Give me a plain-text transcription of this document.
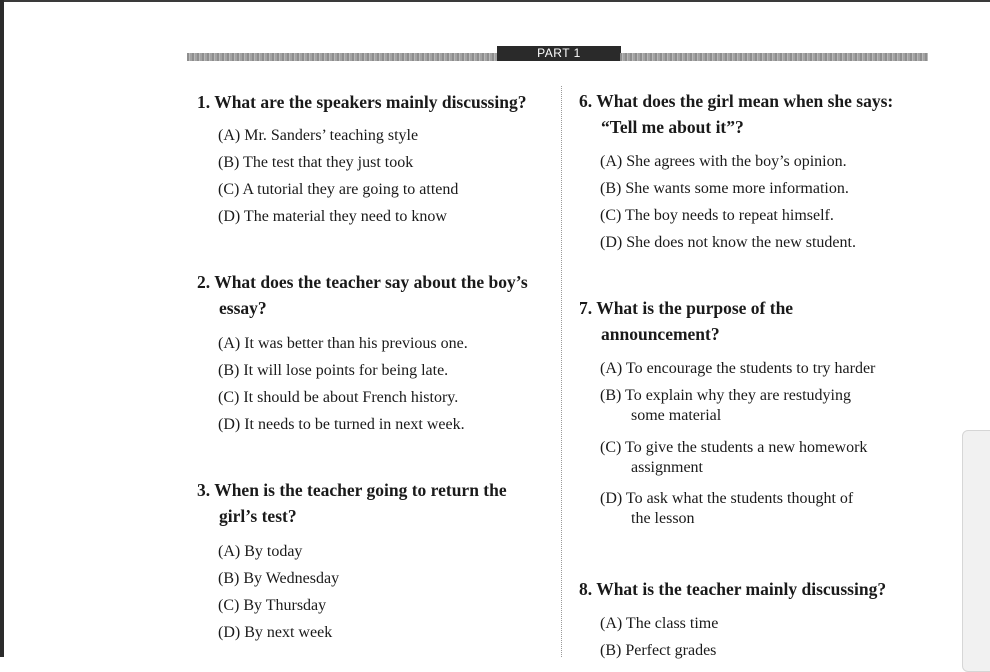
PART 1
1. What are the speakers mainly discussing?
(A) Mr. Sanders’ teaching style
(B) The test that they just took
(C) A tutorial they are going to attend
(D) The material they need to know
2. What does the teacher say about the boy’s
essay?
(A) It was better than his previous one.
(B) It will lose points for being late.
(C) It should be about French history.
(D) It needs to be turned in next week.
3. When is the teacher going to return the
girl’s test?
(A) By today
(B) By Wednesday
(C) By Thursday
(D) By next week
6. What does the girl mean when she says:
“Tell me about it”?
(A) She agrees with the boy’s opinion.
(B) She wants some more information.
(C) The boy needs to repeat himself.
(D) She does not know the new student.
7. What is the purpose of the
announcement?
(A) To encourage the students to try harder
(B) To explain why they are restudying
some material
(C) To give the students a new homework
assignment
(D) To ask what the students thought of
the lesson
8. What is the teacher mainly discussing?
(A) The class time
(B) Perfect grades
